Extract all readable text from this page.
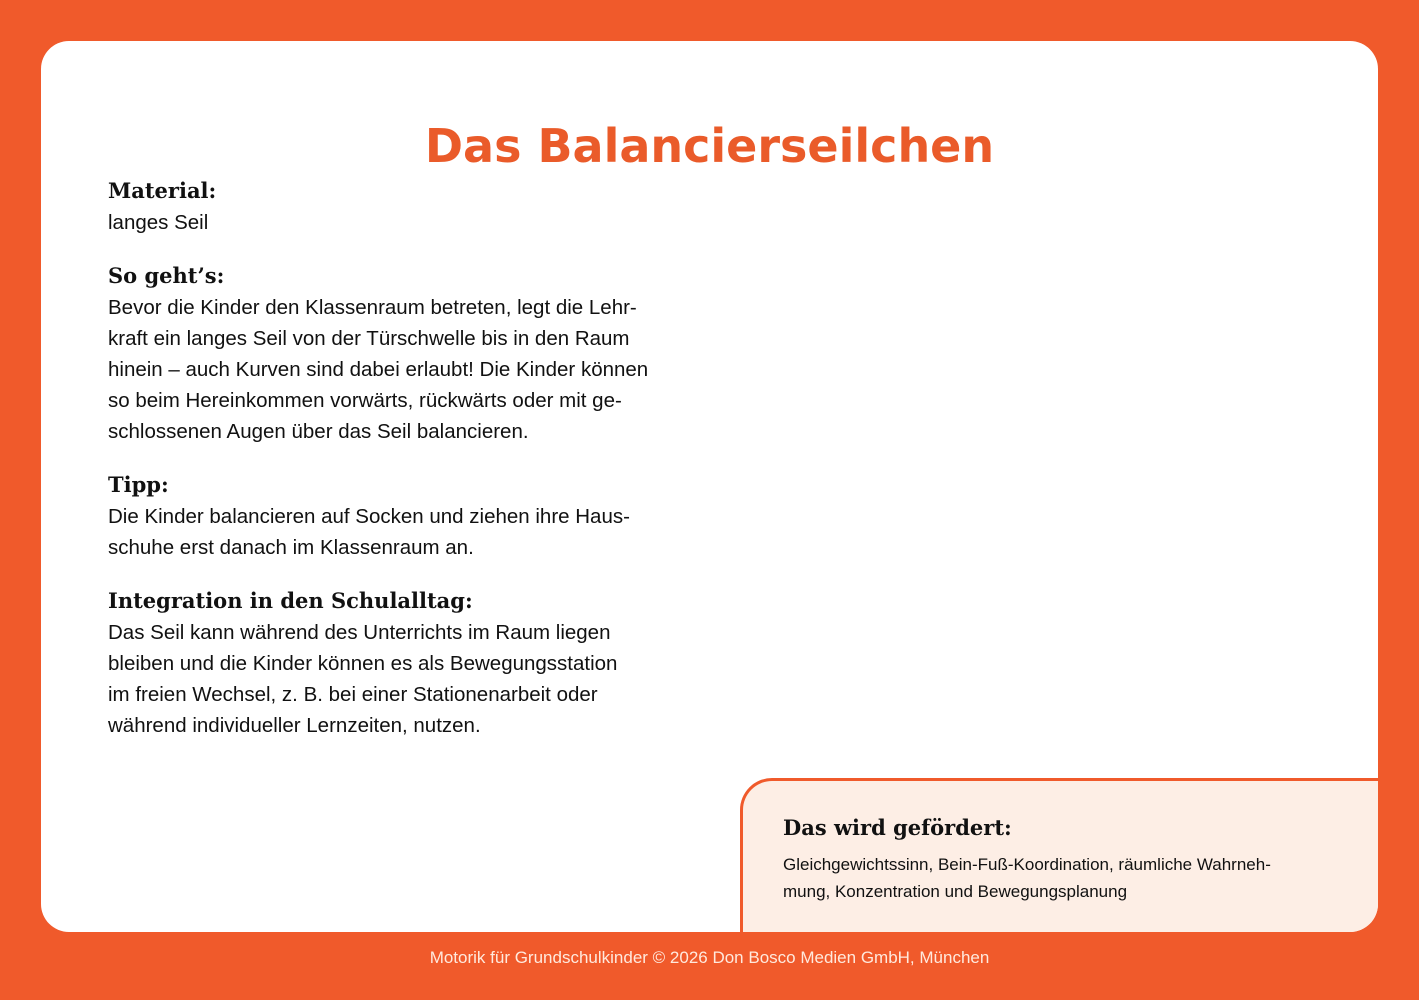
Das Balancierseilchen

Material:

langes Seil

So geht’s:

Bevor die Kinder den Klassenraum betreten, legt die Lehr-

kraft ein langes Seil von der Türschwelle bis in den Raum

hinein – auch Kurven sind dabei erlaubt! Die Kinder können

so beim Hereinkommen vorwärts, rückwärts oder mit ge-

schlossenen Augen über das Seil balancieren.

Tipp:

Die Kinder balancieren auf Socken und ziehen ihre Haus-

schuhe erst danach im Klassenraum an.

Integration in den Schulalltag:

Das Seil kann während des Unterrichts im Raum liegen

bleiben und die Kinder können es als Bewegungsstation

im freien Wechsel, z. B. bei einer Stationenarbeit oder

während individueller Lernzeiten, nutzen.

Das wird gefördert:

Gleichgewichtssinn, Bein-Fuß-Koordination, räumliche Wahrneh-
mung, Konzentration und Bewegungsplanung
Motorik für Grundschulkinder © 2026 Don Bosco Medien GmbH, München
